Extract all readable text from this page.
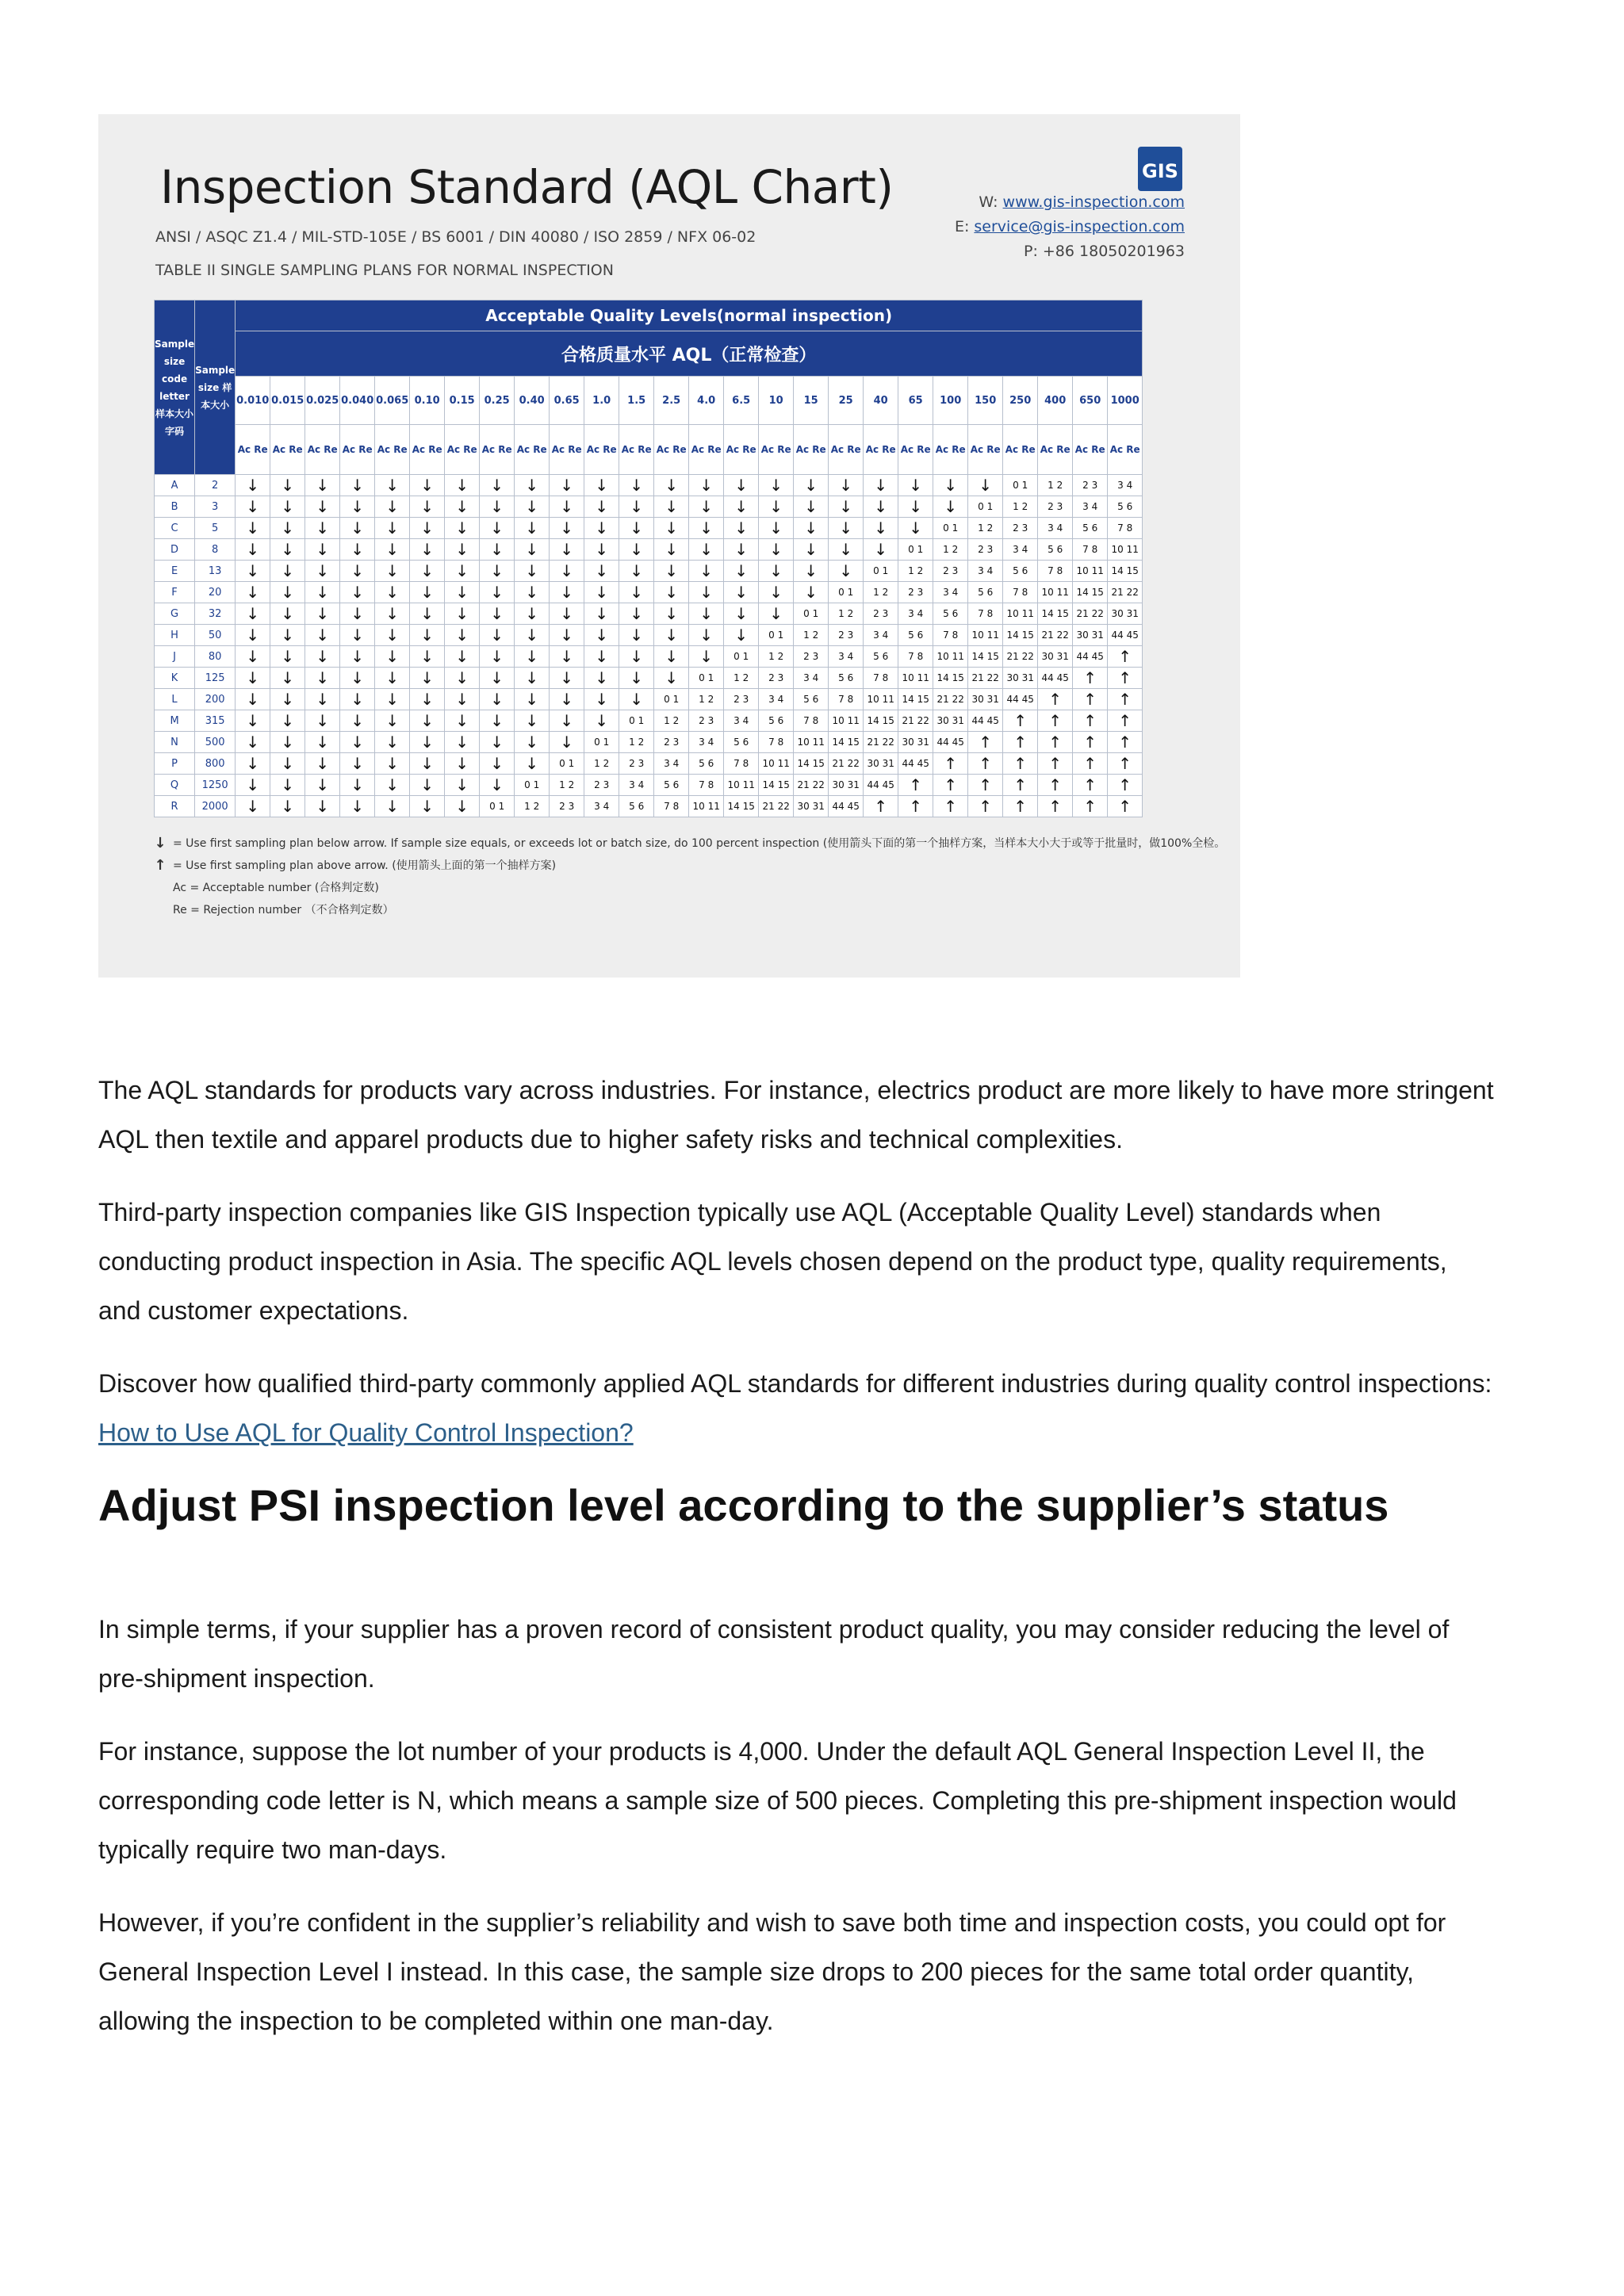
Inspection Standard (AQL Chart)
ANSI / ASQC Z1.4 / MIL-STD-105E / BS 6001 / DIN 40080 / ISO 2859 / NFX 06-02
TABLE II SINGLE SAMPLING PLANS FOR NORMAL INSPECTION
GIS
W: www.gis-inspection.com
E: service@gis-inspection.com
P: +86 18050201963
Sample size code letter 样本大小字码	Sample size 样本大小	Acceptable Quality Levels(normal inspection)																									
		合格质量水平 AQL（正常检查）																									
		0.010	0.015	0.025	0.040	0.065	0.10	0.15	0.25	0.40	0.65	1.0	1.5	2.5	4.0	6.5	10	15	25	40	65	100	150	250	400	650	1000
		Ac Re	Ac Re	Ac Re	Ac Re	Ac Re	Ac Re	Ac Re	Ac Re	Ac Re	Ac Re	Ac Re	Ac Re	Ac Re	Ac Re	Ac Re	Ac Re	Ac Re	Ac Re	Ac Re	Ac Re	Ac Re	Ac Re	Ac Re	Ac Re	Ac Re	Ac Re
A	2	↓	↓	↓	↓	↓	↓	↓	↓	↓	↓	↓	↓	↓	↓	↓	↓	↓	↓	↓	↓	↓	↓	0 1	1 2	2 3	3 4
B	3	↓	↓	↓	↓	↓	↓	↓	↓	↓	↓	↓	↓	↓	↓	↓	↓	↓	↓	↓	↓	↓	0 1	1 2	2 3	3 4	5 6
C	5	↓	↓	↓	↓	↓	↓	↓	↓	↓	↓	↓	↓	↓	↓	↓	↓	↓	↓	↓	↓	0 1	1 2	2 3	3 4	5 6	7 8
D	8	↓	↓	↓	↓	↓	↓	↓	↓	↓	↓	↓	↓	↓	↓	↓	↓	↓	↓	↓	0 1	1 2	2 3	3 4	5 6	7 8	10 11
E	13	↓	↓	↓	↓	↓	↓	↓	↓	↓	↓	↓	↓	↓	↓	↓	↓	↓	↓	0 1	1 2	2 3	3 4	5 6	7 8	10 11	14 15
F	20	↓	↓	↓	↓	↓	↓	↓	↓	↓	↓	↓	↓	↓	↓	↓	↓	↓	0 1	1 2	2 3	3 4	5 6	7 8	10 11	14 15	21 22
G	32	↓	↓	↓	↓	↓	↓	↓	↓	↓	↓	↓	↓	↓	↓	↓	↓	0 1	1 2	2 3	3 4	5 6	7 8	10 11	14 15	21 22	30 31
H	50	↓	↓	↓	↓	↓	↓	↓	↓	↓	↓	↓	↓	↓	↓	↓	0 1	1 2	2 3	3 4	5 6	7 8	10 11	14 15	21 22	30 31	44 45
J	80	↓	↓	↓	↓	↓	↓	↓	↓	↓	↓	↓	↓	↓	↓	0 1	1 2	2 3	3 4	5 6	7 8	10 11	14 15	21 22	30 31	44 45	↑
K	125	↓	↓	↓	↓	↓	↓	↓	↓	↓	↓	↓	↓	↓	0 1	1 2	2 3	3 4	5 6	7 8	10 11	14 15	21 22	30 31	44 45	↑	↑
L	200	↓	↓	↓	↓	↓	↓	↓	↓	↓	↓	↓	↓	0 1	1 2	2 3	3 4	5 6	7 8	10 11	14 15	21 22	30 31	44 45	↑	↑	↑
M	315	↓	↓	↓	↓	↓	↓	↓	↓	↓	↓	↓	0 1	1 2	2 3	3 4	5 6	7 8	10 11	14 15	21 22	30 31	44 45	↑	↑	↑	↑
N	500	↓	↓	↓	↓	↓	↓	↓	↓	↓	↓	0 1	1 2	2 3	3 4	5 6	7 8	10 11	14 15	21 22	30 31	44 45	↑	↑	↑	↑	↑
P	800	↓	↓	↓	↓	↓	↓	↓	↓	↓	0 1	1 2	2 3	3 4	5 6	7 8	10 11	14 15	21 22	30 31	44 45	↑	↑	↑	↑	↑	↑
Q	1250	↓	↓	↓	↓	↓	↓	↓	↓	0 1	1 2	2 3	3 4	5 6	7 8	10 11	14 15	21 22	30 31	44 45	↑	↑	↑	↑	↑	↑	↑
R	2000	↓	↓	↓	↓	↓	↓	↓	0 1	1 2	2 3	3 4	5 6	7 8	10 11	14 15	21 22	30 31	44 45	↑	↑	↑	↑	↑	↑	↑	↑
↓ = Use first sampling plan below arrow. If sample size equals, or exceeds lot or batch size, do 100 percent inspection (使用箭头下面的第一个抽样方案，当样本大小大于或等于批量时，做100%全检。
↑ = Use first sampling plan above arrow. (使用箭头上面的第一个抽样方案)
Ac = Acceptable number (合格判定数)
Re = Rejection number （不合格判定数）
The AQL standards for products vary across industries. For instance, electrics product are more likely to have more stringent AQL then textile and apparel products due to higher safety risks and technical complexities.
Third-party inspection companies like GIS Inspection typically use AQL (Acceptable Quality Level) standards when conducting product inspection in Asia. The specific AQL levels chosen depend on the product type, quality requirements, and customer expectations.
Discover how qualified third-party commonly applied AQL standards for different industries during quality control inspections: How to Use AQL for Quality Control Inspection?
Adjust PSI inspection level according to the supplier’s status
In simple terms, if your supplier has a proven record of consistent product quality, you may consider reducing the level of pre-shipment inspection.
For instance, suppose the lot number of your products is 4,000. Under the default AQL General Inspection Level II, the corresponding code letter is N, which means a sample size of 500 pieces. Completing this pre-shipment inspection would typically require two man-days.
However, if you’re confident in the supplier’s reliability and wish to save both time and inspection costs, you could opt for General Inspection Level I instead. In this case, the sample size drops to 200 pieces for the same total order quantity, allowing the inspection to be completed within one man-day.
